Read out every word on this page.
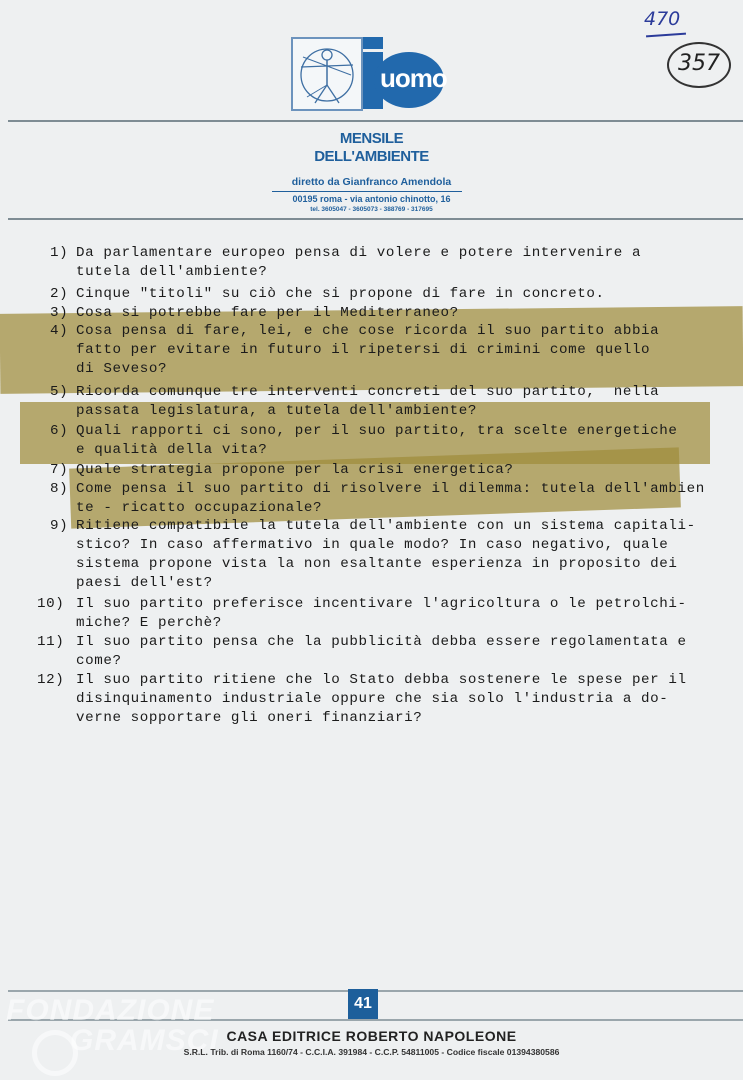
470
357
uomo
MENSILE
DELL'AMBIENTE
diretto da Gianfranco Amendola
00195 roma - via antonio chinotto, 16
tel. 3605047 - 3605073 - 388769 - 317695
1) Da parlamentare europeo pensa di volere e potere intervenire a
tutela dell'ambiente?
2) Cinque "titoli" su ciò che si propone di fare in concreto.
3) Cosa si potrebbe fare per il Mediterraneo?
4) Cosa pensa di fare, lei, e che cose ricorda il suo partito abbia
fatto per evitare in futuro il ripetersi di crimini come quello
di Seveso?
5) Ricorda comunque tre interventi concreti del suo partito,  nella
passata legislatura, a tutela dell'ambiente?
6) Quali rapporti ci sono, per il suo partito, tra scelte energetiche
e qualità della vita?
7) Quale strategia propone per la crisi energetica?
8) Come pensa il suo partito di risolvere il dilemma: tutela dell'ambien
te - ricatto occupazionale?
9) Ritiene compatibile la tutela dell'ambiente con un sistema capitali-
stico? In caso affermativo in quale modo? In caso negativo, quale
sistema propone vista la non esaltante esperienza in proposito dei
paesi dell'est?
10) Il suo partito preferisce incentivare l'agricoltura o le petrolchi-
miche? E perchè?
11) Il suo partito pensa che la pubblicità debba essere regolamentata e
come?
12) Il suo partito ritiene che lo Stato debba sostenere le spese per il
disinquinamento industriale oppure che sia solo l'industria a do-
verne sopportare gli oneri finanziari?
41
FONDAZIONE
GRAMSCI CASA EDITRICE ROBERTO NAPOLEONE
S.R.L. Trib. di Roma 1160/74 - C.C.I.A. 391984 - C.C.P. 54811005 - Codice fiscale 01394380586
